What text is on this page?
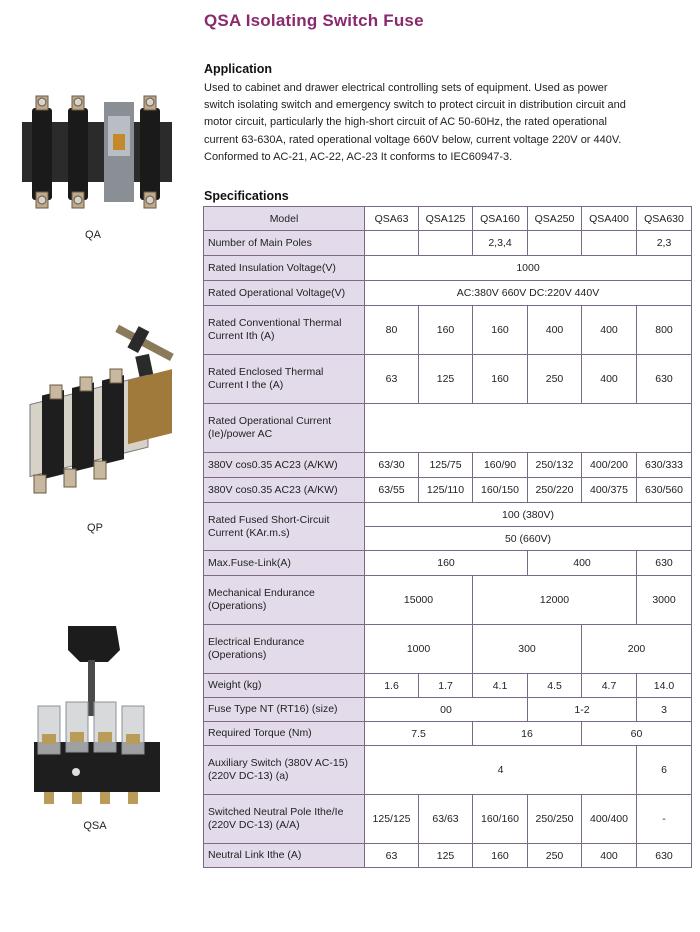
QSA Isolating Switch Fuse
Application
Used to cabinet and drawer electrical controlling sets of equipment. Used as power
switch isolating switch and emergency switch to protect circuit in distribution circuit and
motor circuit, particularly the high-short circuit of AC 50-60Hz, the rated operational
current 63-630A, rated operational voltage 660V below, current voltage 220V or 440V.
Conformed to AC-21, AC-22, AC-23 It conforms to IEC60947-3.
Specifications
QA
QP
QSA
Model	QSA63	QSA125	QSA160	QSA250	QSA400	QSA630
Number of Main Poles			2,3,4			2,3
Rated Insulation Voltage(V)	1000					
Rated Operational Voltage(V)	AC:380V 660V DC:220V 440V					
Rated Conventional Thermal Current Ith (A)	80	160	160	400	400	800
Rated Enclosed Thermal Current I the (A)	63	125	160	250	400	630
Rated Operational Current (Ie)/power AC						
380V cos0.35 AC23 (A/KW)	63/30	125/75	160/90	250/132	400/200	630/333
380V cos0.35 AC23 (A/KW)	63/55	125/110	160/150	250/220	400/375	630/560
Rated Fused Short-Circuit Current (KAr.m.s)	100 (380V)					
	50 (660V)					
Max.Fuse-Link(A)	160			400		630
Mechanical Endurance (Operations)	15000		12000			3000
Electrical Endurance (Operations)	1000		300		200	
Weight (kg)	1.6	1.7	4.1	4.5	4.7	14.0
Fuse Type NT (RT16) (size)	00			1-2		3
Required Torque (Nm)	7.5		16		60	
Auxiliary Switch (380V AC-15) (220V DC-13) (a)	4					6
Switched Neutral Pole Ithe/Ie (220V DC-13) (A/A)	125/125	63/63	160/160	250/250	400/400	-
Neutral Link Ithe (A)	63	125	160	250	400	630
